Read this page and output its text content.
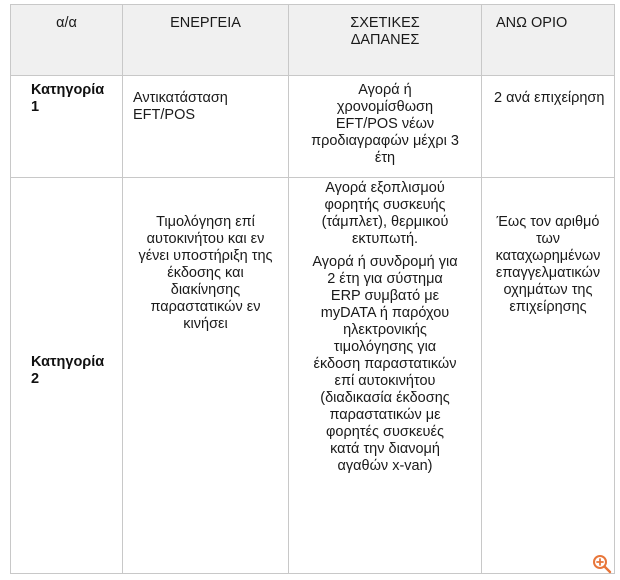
α/α	ΕΝΕΡΓΕΙΑ	ΣΧΕΤΙΚΕΣ ΔΑΠΑΝΕΣ	ΑΝΩ ΟΡΙΟ

Κατηγορία 1	Αντικατάσταση EFT/POS	Αγορά ή χρονομίσθωση EFT/POS νέων προδιαγραφών μέχρι 3 έτη	2 ανά επιχείρηση

Κατηγορία 2	Τιμολόγηση επί αυτοκινήτου και εν γένει υποστήριξη της έκδοσης και διακίνησης παραστατικών εν κινήσει	Αγορά εξοπλισμού φορητής συσκευής (τάμπλετ), θερμικού εκτυπωτή.
Αγορά ή συνδρομή για 2 έτη για σύστημα ERP συμβατό με myDATA ή παρόχου ηλεκτρονικής τιμολόγησης για έκδοση παραστατικών επί αυτοκινήτου (διαδικασία έκδοσης παραστατικών με φορητές συσκευές κατά την διανομή αγαθών x-van)	Έως τον αριθμό των καταχωρημένων επαγγελματικών οχημάτων της επιχείρησης
